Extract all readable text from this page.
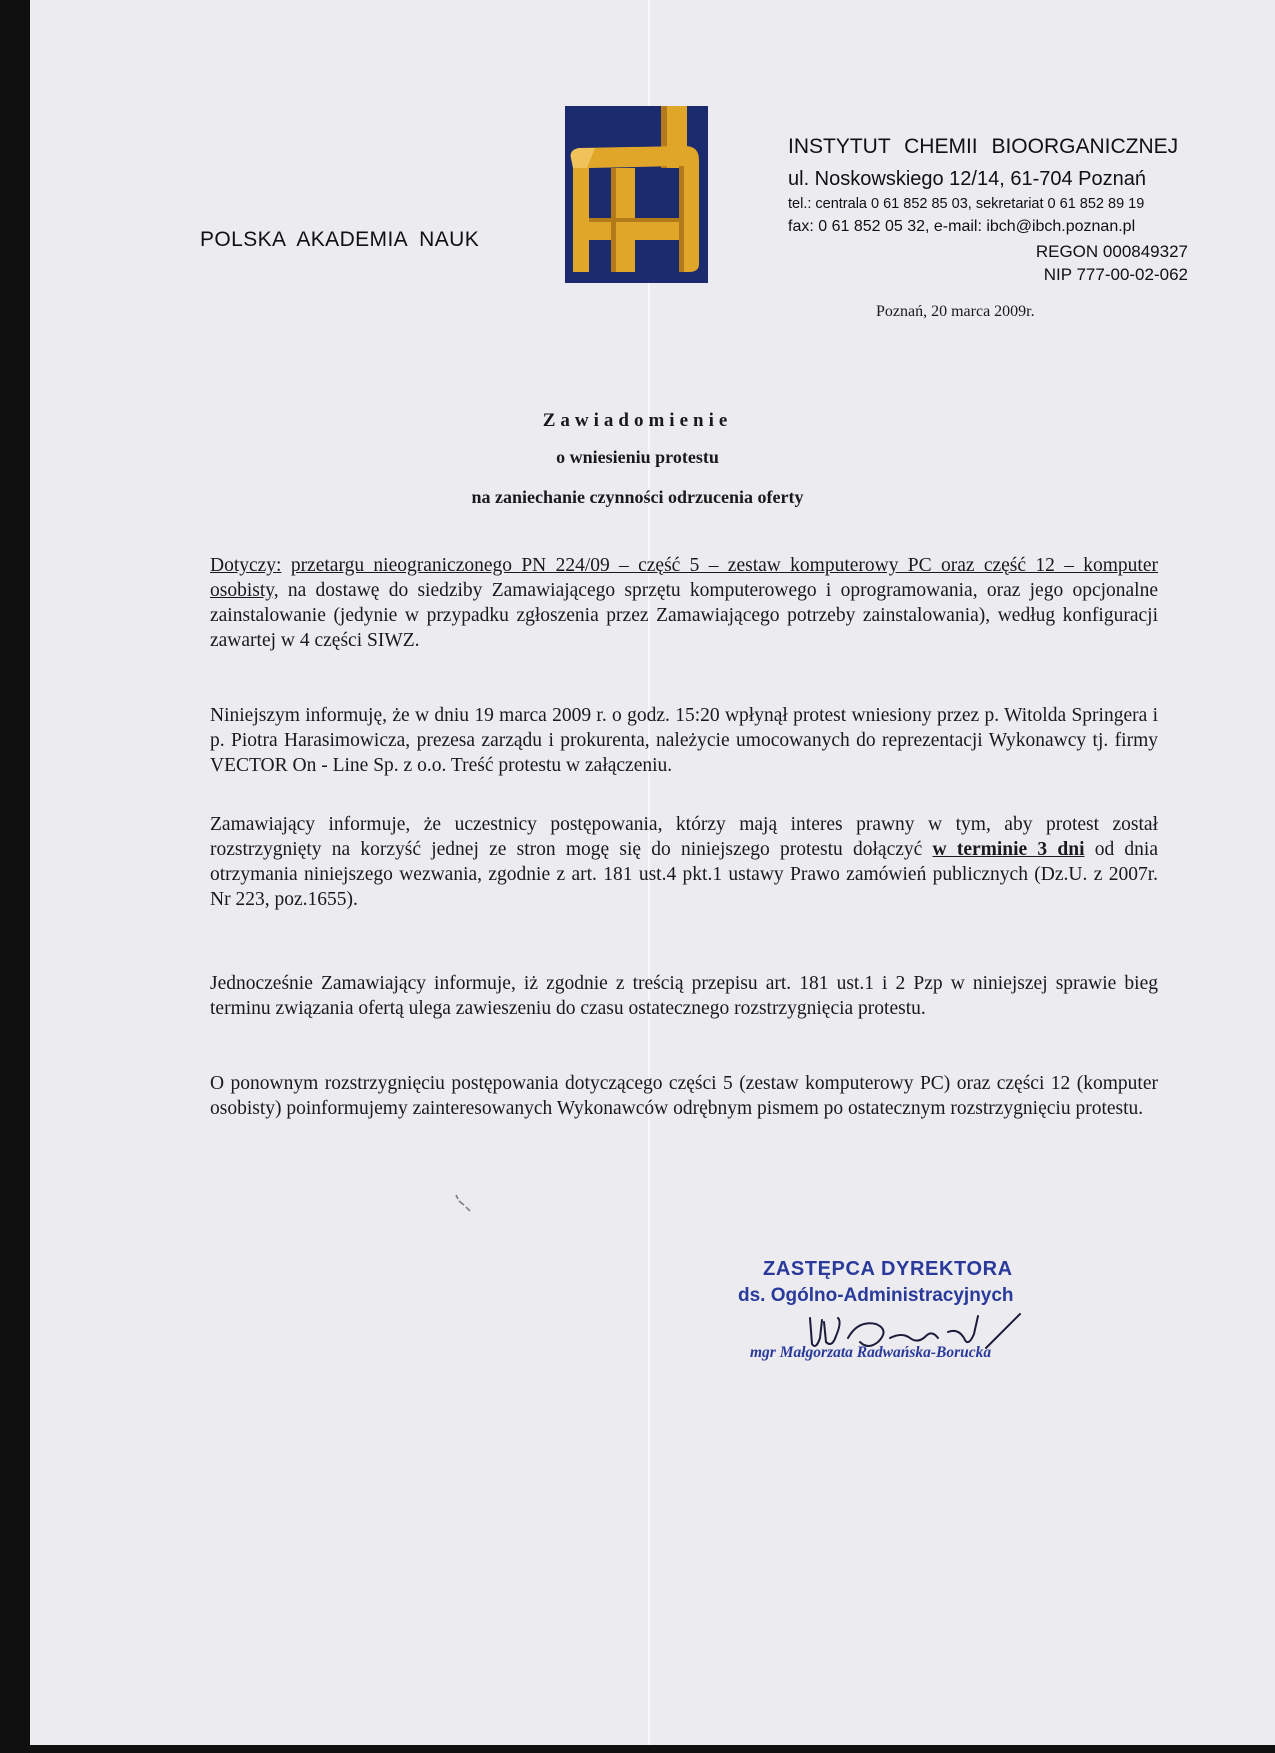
POLSKA AKADEMIA NAUK
INSTYTUT CHEMII BIOORGANICZNEJ
ul. Noskowskiego 12/14, 61-704 Poznań
tel.: centrala 0 61 852 85 03, sekretariat 0 61 852 89 19
fax: 0 61 852 05 32, e-mail: ibch@ibch.poznan.pl
REGON 000849327
NIP 777-00-02-062
Poznań, 20 marca 2009r.
Zawiadomienie
o wniesieniu protestu
na zaniechanie czynności odrzucenia oferty
Dotyczy: przetargu nieograniczonego PN 224/09 – część 5 – zestaw komputerowy PC oraz część 12 – komputer osobisty, na dostawę do siedziby Zamawiającego sprzętu komputerowego i oprogramowania, oraz jego opcjonalne zainstalowanie (jedynie w przypadku zgłoszenia przez Zamawiającego potrzeby zainstalowania), według konfiguracji zawartej w 4 części SIWZ.
Niniejszym informuję, że w dniu 19 marca 2009 r. o godz. 15:20 wpłynął protest wniesiony przez p. Witolda Springera i p. Piotra Harasimowicza, prezesa zarządu i prokurenta, należycie umocowanych do reprezentacji Wykonawcy tj. firmy VECTOR On - Line Sp. z o.o. Treść protestu w załączeniu.
Zamawiający informuje, że uczestnicy postępowania, którzy mają interes prawny w tym, aby protest został rozstrzygnięty na korzyść jednej ze stron mogę się do niniejszego protestu dołączyć w terminie 3 dni od dnia otrzymania niniejszego wezwania, zgodnie z art. 181 ust.4 pkt.1 ustawy Prawo zamówień publicznych (Dz.U. z 2007r. Nr 223, poz.1655).
Jednocześnie Zamawiający informuje, iż zgodnie z treścią przepisu art. 181 ust.1 i 2 Pzp w niniejszej sprawie bieg terminu związania ofertą ulega zawieszeniu do czasu ostatecznego rozstrzygnięcia protestu.
O ponownym rozstrzygnięciu postępowania dotyczącego części 5 (zestaw komputerowy PC) oraz części 12 (komputer osobisty) poinformujemy zainteresowanych Wykonawców odrębnym pismem po ostatecznym rozstrzygnięciu protestu.
ZASTĘPCA DYREKTORA
ds. Ogólno-Administracyjnych
mgr Małgorzata Radwańska-Borucka
